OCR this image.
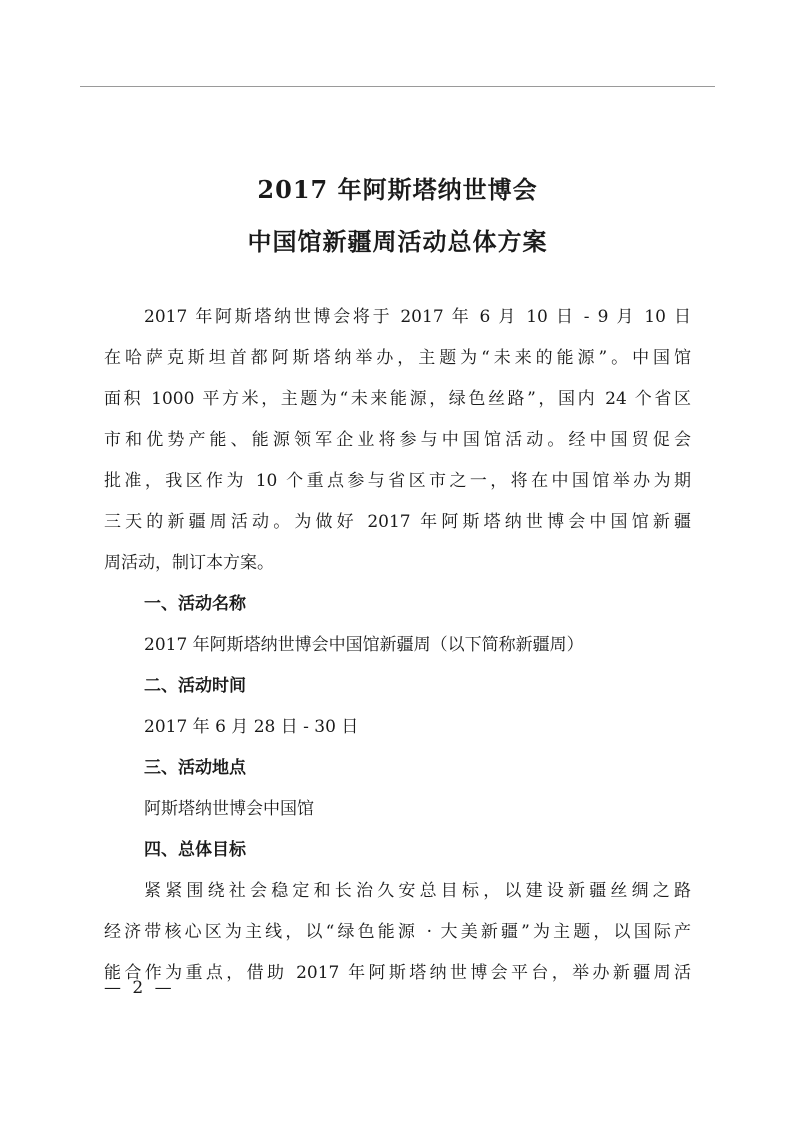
2017 年阿斯塔纳世博会
中国馆新疆周活动总体方案
2017 年阿斯塔纳世博会将于 2017 年 6 月 10 日 - 9 月 10 日
在哈萨克斯坦首都阿斯塔纳举办，主题为“未来的能源”。中国馆
面积 1000 平方米，主题为“未来能源，绿色丝路”，国内 24 个省区
市和优势产能、能源领军企业将参与中国馆活动。经中国贸促会
批准，我区作为 10 个重点参与省区市之一，将在中国馆举办为期
三天的新疆周活动。为做好 2017 年阿斯塔纳世博会中国馆新疆
周活动，制订本方案。
一、活动名称
2017 年阿斯塔纳世博会中国馆新疆周（以下简称新疆周）
二、活动时间
2017 年 6 月 28 日 - 30 日
三、活动地点
阿斯塔纳世博会中国馆
四、总体目标
紧紧围绕社会稳定和长治久安总目标，以建设新疆丝绸之路
经济带核心区为主线，以“绿色能源 · 大美新疆”为主题，以国际产
能合作为重点，借助 2017 年阿斯塔纳世博会平台，举办新疆周活
— 2 —
